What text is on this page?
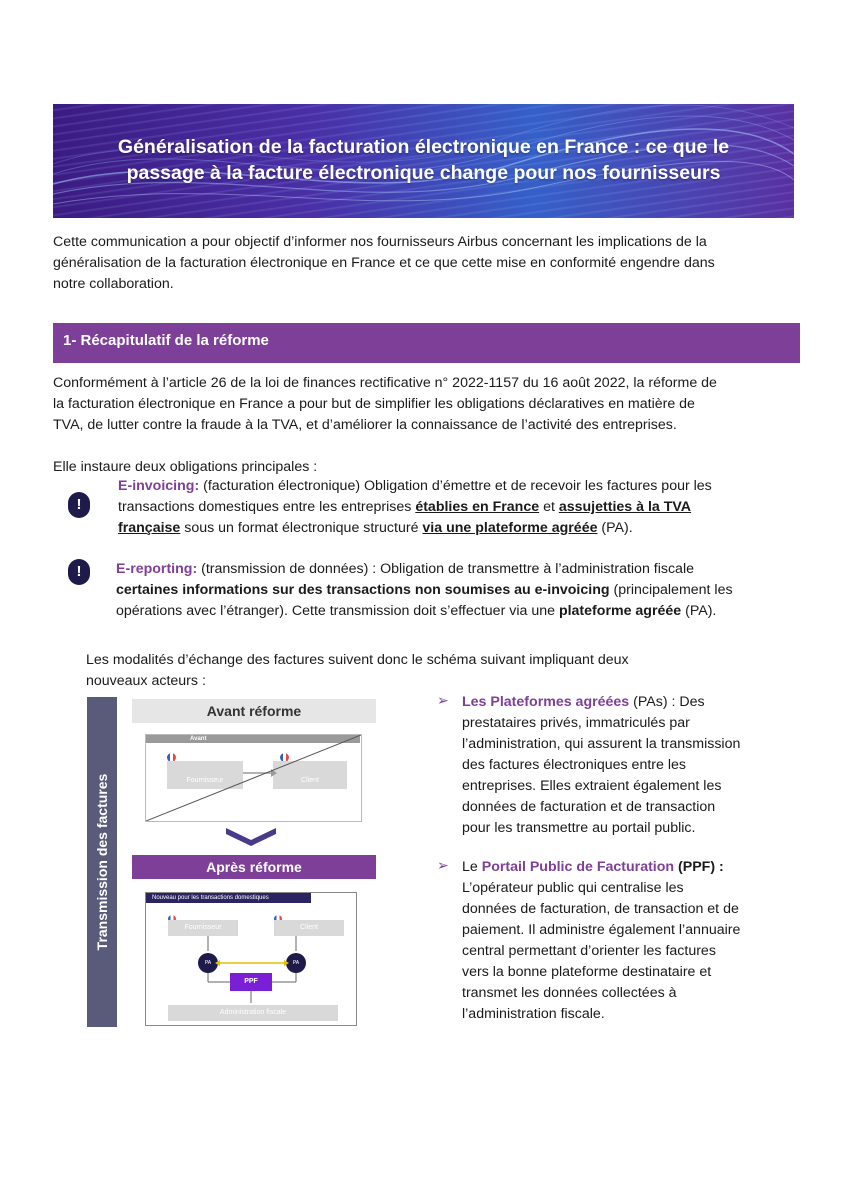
Généralisation de la facturation électronique en France : ce que le
passage à la facture électronique change pour nos fournisseurs
Cette communication a pour objectif d’informer nos fournisseurs Airbus concernant les implications de la
généralisation de la facturation électronique en France et ce que cette mise en conformité engendre dans
notre collaboration.
1- Récapitulatif de la réforme
Conformément à l’article 26 de la loi de finances rectificative n° 2022-1157 du 16 août 2022, la réforme de
la facturation électronique en France a pour but de simplifier les obligations déclaratives en matière de
TVA, de lutter contre la fraude à la TVA, et d’améliorer la connaissance de l’activité des entreprises.
Elle instaure deux obligations principales :
!
E-invoicing: (facturation électronique) Obligation d’émettre et de recevoir les factures pour les
transactions domestiques entre les entreprises établies en France et assujetties à la TVA
française sous un format électronique structuré via une plateforme agréée (PA).
!	E-reporting: (transmission de données) : Obligation de transmettre à l’administration fiscale
certaines informations sur des transactions non soumises au e-invoicing (principalement les
opérations avec l’étranger). Cette transmission doit s’effectuer via une plateforme agréée (PA).
Les modalités d’échange des factures suivent donc le schéma suivant impliquant deux
nouveaux acteurs :
Transmission des factures
Avant réforme
Avant
Fournisseur	Client
Après réforme
Nouveau pour les transactions domestiques
Fournisseur	Client
PA	PA
PPF
Administration fiscale
➢ Les Plateformes agréées (PAs) : Des
prestataires privés, immatriculés par
l’administration, qui assurent la transmission
des factures électroniques entre les
entreprises. Elles extraient également les
données de facturation et de transaction
pour les transmettre au portail public.
➢ Le Portail Public de Facturation (PPF) :
L’opérateur public qui centralise les
données de facturation, de transaction et de
paiement. Il administre également l’annuaire
central permettant d’orienter les factures
vers la bonne plateforme destinataire et
transmet les données collectées à
l’administration fiscale.
